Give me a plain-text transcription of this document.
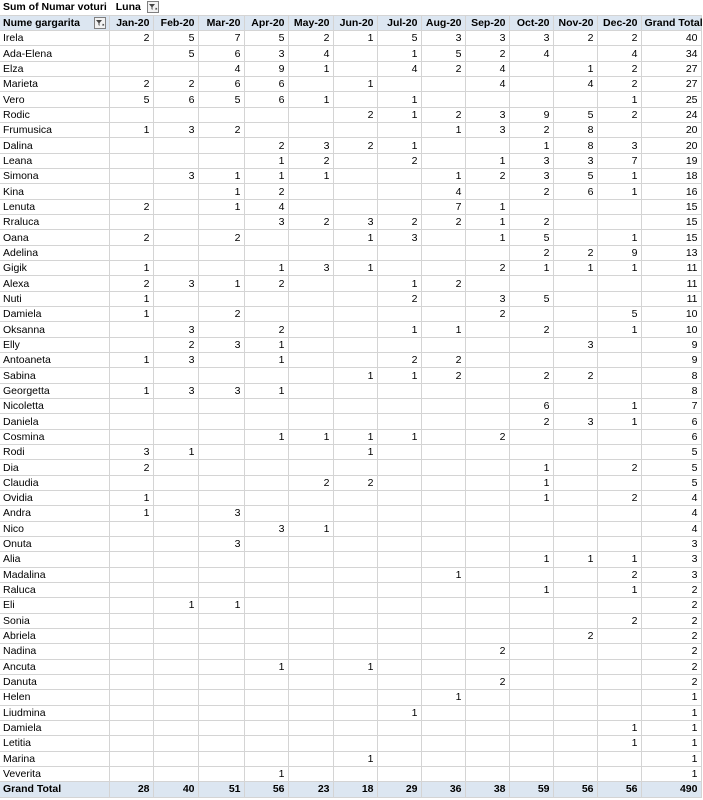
Sum of Numar voturi Luna												

Nume gargarita	Jan-20	Feb-20	Mar-20	Apr-20	May-20	Jun-20	Jul-20	Aug-20	Sep-20	Oct-20	Nov-20	Dec-20	Grand Total
Irela	2	5	7	5	2	1	5	3	3	3	2	2	40
Ada-Elena		5	6	3	4		1	5	2	4		4	34
Elza			4	9	1		4	2	4		1	2	27
Marieta	2	2	6	6		1			4		4	2	27
Vero	5	6	5	6	1		1					1	25
Rodic						2	1	2	3	9	5	2	24
Frumusica	1	3	2					1	3	2	8		20
Dalina				2	3	2	1			1	8	3	20
Leana				1	2		2		1	3	3	7	19
Simona		3	1	1	1			1	2	3	5	1	18
Kina			1	2				4		2	6	1	16
Lenuta	2		1	4				7	1				15
Rraluca				3	2	3	2	2	1	2			15
Oana	2		2			1	3		1	5		1	15
Adelina										2	2	9	13
Gigik	1			1	3	1			2	1	1	1	11
Alexa	2	3	1	2			1	2					11
Nuti	1						2		3	5			11
Damiela	1		2						2			5	10
Oksanna		3		2			1	1		2		1	10
Elly		2	3	1							3		9
Antoaneta	1	3		1			2	2					9
Sabina						1	1	2		2	2		8
Georgetta	1	3	3	1									8
Nicoletta										6		1	7
Daniela										2	3	1	6
Cosmina				1	1	1	1		2				6
Rodi	3	1				1							5
Dia	2									1		2	5
Claudia					2	2				1			5
Ovidia	1									1		2	4
Andra	1		3										4
Nico				3	1								4
Onuta			3										3
Alia										1	1	1	3
Madalina								1				2	3
Raluca										1		1	2
Eli		1	1										2
Sonia												2	2
Abriela											2		2
Nadina									2				2
Ancuta				1		1							2
Danuta									2				2
Helen								1					1
Liudmina							1						1
Damiela												1	1
Letitia												1	1
Marina						1							1
Veverita				1									1
Grand Total	28	40	51	56	23	18	29	36	38	59	56	56	490
